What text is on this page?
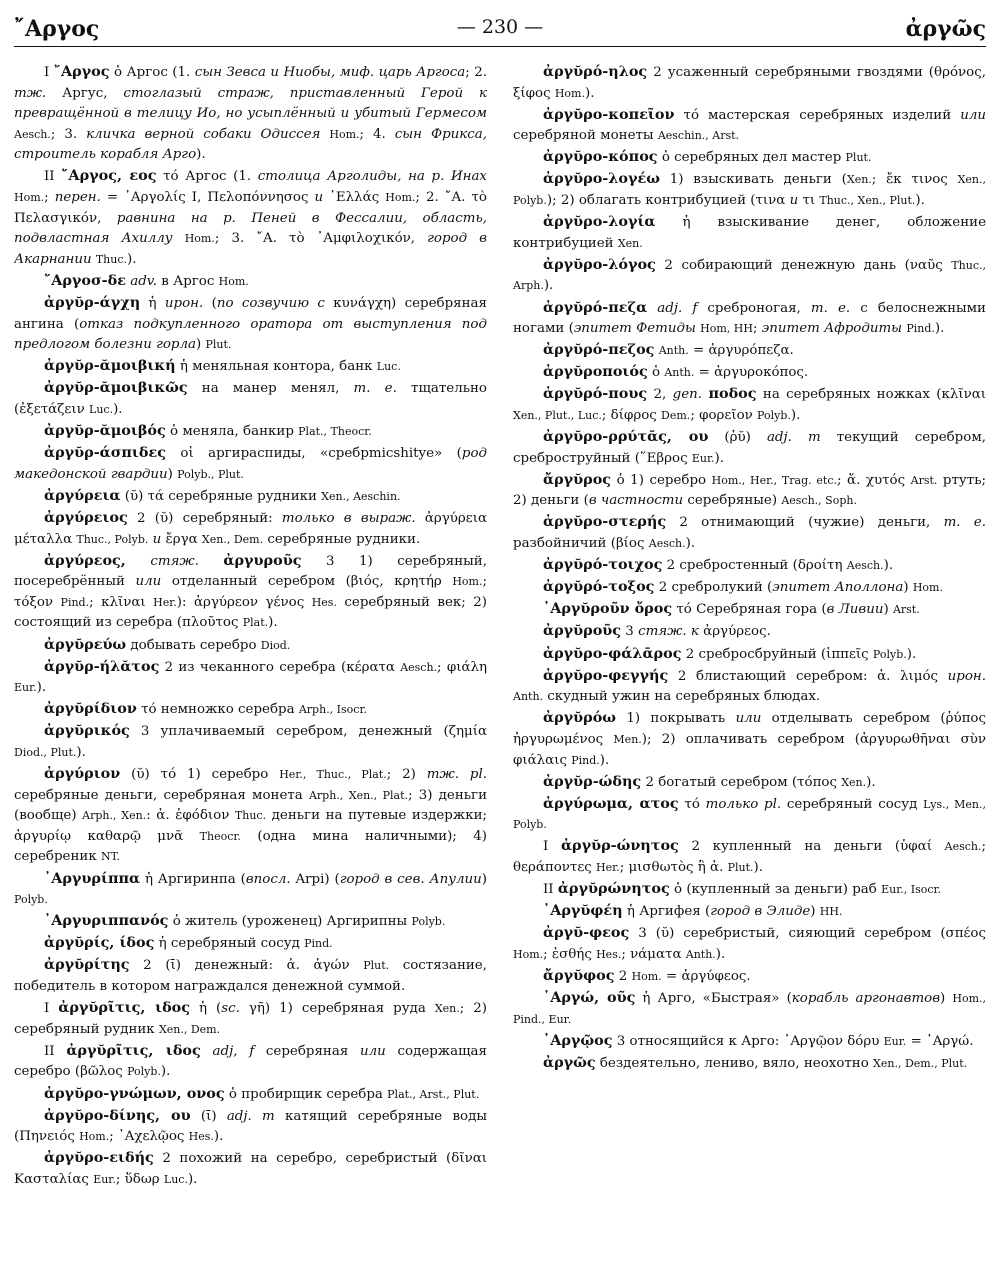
῎Αργος	— 230 —	ἀργῶς

I ῎Αργος ὁ Аргос (1. сын Зевса и Ниобы, миф. царь Аргоса; 2. тж. Аргус, стоглазый страж, приставленный Герой к превращённой в телицу Ио, но усыплённый и убитый Гермесом Aesch.; 3. кличка верной собаки Одиссея Hom.; 4. сын Фрикса, строитель корабля Арго).

II ῎Αργος, εος τό Аргос (1. столица Арголиды, на р. Инах Hom.; перен. = ᾿Αργολίς I, Πελοπόννησος и ῾Ελλάς Hom.; 2. ῎Α. τὸ Πελασγικόν, равнина на р. Пеней в Фессалии, область, подвластная Ахиллу Hom.; 3. ῎Α. τὸ ᾿Αμφιλοχικόν, город в Акарнании Thuc.).

῎Αργοσ-δε adv. в Аргос Hom.

ἀργῠρ-άγχη ἡ ирон. (по созвучию с κυνάγχη) серебряная ангина (отказ подкупленного оратора от выступления под предлогом болезни горла) Plut.

ἀργῠρ-ᾰμοιβική ἡ меняльная контора, банк Luc.

ἀργῠρ-ᾰμοιβικῶς на манер менял, т. е. тщательно (ἐξετάζειν Luc.).

ἀργῠρ-ᾰμοιβός ὁ меняла, банкир Plat., Theocr.

ἀργῠρ-άσπιδες οἱ аргираспиды, «сребрmicshitye» (род македонской гвардии) Polyb., Plut.

ἀργύρεια (ῠ) τά серебряные рудники Xen., Aeschin.

ἀργύρειος 2 (ῠ) серебряный: только в выраж. ἀργύρεια μέταλλα Thuc., Polyb. и ἔργα Xen., Dem. серебряные рудники.

ἀργύρεος, стяж. ἀργυροῦς 3 1) серебряный, посеребрённый или отделанный серебром (βιός, κρητήρ Hom.; τόξον Pind.; κλῖναι Her.): ἀργύρεον γένος Hes. серебряный век; 2) состоящий из серебра (πλοῦτος Plat.).

ἀργῠρεύω добывать серебро Diod.

ἀργῠρ-ήλᾰτος 2 из чеканного серебра (κέρατα Aesch.; φιάλη Eur.).

ἀργῠρίδιον τό немножко серебра Arph., Isocr.

ἀργῠρικός 3 уплачиваемый серебром, денежный (ζημία Diod., Plut.).

ἀργύριον (ῠ) τό 1) серебро Her., Thuc., Plat.; 2) тж. pl. серебряные деньги, серебряная монета Arph., Xen., Plat.; 3) деньги (вообще) Arph., Xen.: ἀ. ἐφόδιον Thuc. деньги на путевые издержки; ἀργυρίῳ καθαρῷ μνᾶ Theocr. (одна мина наличными); 4) серебреник NT.

᾿Αργυρίππα ἡ Аргиринпа (впосл. Arpi) (город в сев. Апулии) Polyb.

᾿Αργυριππανός ὁ житель (уроженец) Аргирипны Polyb.

ἀργῠρίς, ίδος ἡ серебряный сосуд Pind.

ἀργῠρίτης 2 (ῑ) денежный: ἀ. ἀγών Plut. состязание, победитель в котором награждался денежной суммой.

I ἀργῠρῖτις, ιδος ἡ (sc. γῆ) 1) серебряная руда Xen.; 2) серебряный рудник Xen., Dem.

II ἀργῠρῖτις, ιδος adj, f серебряная или содержащая серебро (βῶλος Polyb.).

ἀργῠρο-γνώμων, ονος ὁ пробирщик серебра Plat., Arst., Plut.

ἀργῠρο-δίνης, ου (ῑ) adj. m катящий серебряные воды (Πηνειός Hom.; ᾿Αχελῷος Hes.).

ἀργῠρο-ειδής 2 похожий на серебро, серебристый (δῖναι Κασταλίας Eur.; ὕδωρ Luc.).

ἀργῠρό-ηλος 2 усаженный серебряными гвоздями (θρόνος, ξίφος Hom.).

ἀργῠρο-κοπεῖον τό мастерская серебряных изделий или серебряной монеты Aeschin., Arst.

ἀργῠρο-κόπος ὁ серебряных дел мастер Plut.

ἀργῠρο-λογέω 1) взыскивать деньги (Xen.; ἔκ τινος Xen., Polyb.); 2) облагать контрибуцией (τινα и τι Thuc., Xen., Plut.).

ἀργῠρο-λογία ἡ взыскивание денег, обложение контрибуцией Xen.

ἀργῠρο-λόγος 2 собирающий денежную дань (ναῦς Thuc., Arph.).

ἀργῠρό-πεζα adj. f среброногая, т. е. с белоснежными ногами (эпитет Фетиды Hom, HH; эпитет Афродиты Pind.).

ἀργῠρό-πεζος Anth. = ἀργυρόπεζα.

ἀργῠροποιός ὁ Anth. = ἀργυροκόπος.

ἀργῠρό-πους 2, gen. ποδος на серебряных ножках (κλῖναι Xen., Plut., Luc.; δίφρος Dem.; φορεῖον Polyb.).

ἀργῠρο-ρρύτᾱς, ου (ῥῠ) adj. m текущий серебром, среброструйный (῞Εβρος Eur.).

ἄργῠρος ὁ 1) серебро Hom., Her., Trag. etc.; ἄ. χυτός Arst. ртуть; 2) деньги (в частности серебряные) Aesch., Soph.

ἀργῠρο-στερής 2 отнимающий (чужие) деньги, т. е. разбойничий (βίος Aesch.).

ἀργῠρό-τοιχος 2 сребростенный (δροίτη Aesch.).

ἀργῠρό-τοξος 2 сребролукий (эпитет Аполлона) Hom.

᾿Αργῠροῦν ὄρος τό Серебряная гора (в Ливии) Arst.

ἀργῠροῦς 3 стяж. к ἀργύρεος.

ἀργῠρο-φάλᾱρος 2 сребросбруйный (ἱππεῖς Polyb.).

ἀργῠρο-φεγγής 2 блистающий серебром: ἀ. λιμός ирон. Anth. скудный ужин на серебряных блюдах.

ἀργῠρόω 1) покрывать или отделывать серебром (ῥύπος ἠργυρωμένος Men.); 2) оплачивать серебром (ἀργυρωθῆναι σὺν φιάλαις Pind.).

ἀργῠρ-ώδης 2 богатый серебром (τόπος Xen.).

ἀργύρωμα, ατος τό только pl. серебряный сосуд Lys., Men., Polyb.

I ἀργῠρ-ώνητος 2 купленный на деньги (ὑφαί Aesch.; θεράποντες Her.; μισθωτὸς ἢ ἀ. Plut.).

II ἀργῠρώνητος ὁ (купленный за деньги) раб Eur., Isocr.

᾿Αργῠφέη ἡ Аргифея (город в Элиде) HH.

ἀργῠ-φεος 3 (ῠ) серебристый, сияющий серебром (σπέος Hom.; ἐσθής Hes.; νάματα Anth.).

ἄργῠφος 2 Hom. = ἀργύφεος.

᾿Αργώ, οῦς ἡ Арго, «Быстрая» (корабль аргонавтов) Hom., Pind., Eur.

᾿Αργῷος 3 относящийся к Арго: ᾿Αργῷον δόρυ Eur. = ᾿Αργώ.

ἀργῶς бездеятельно, лениво, вяло, неохотно Xen., Dem., Plut.
